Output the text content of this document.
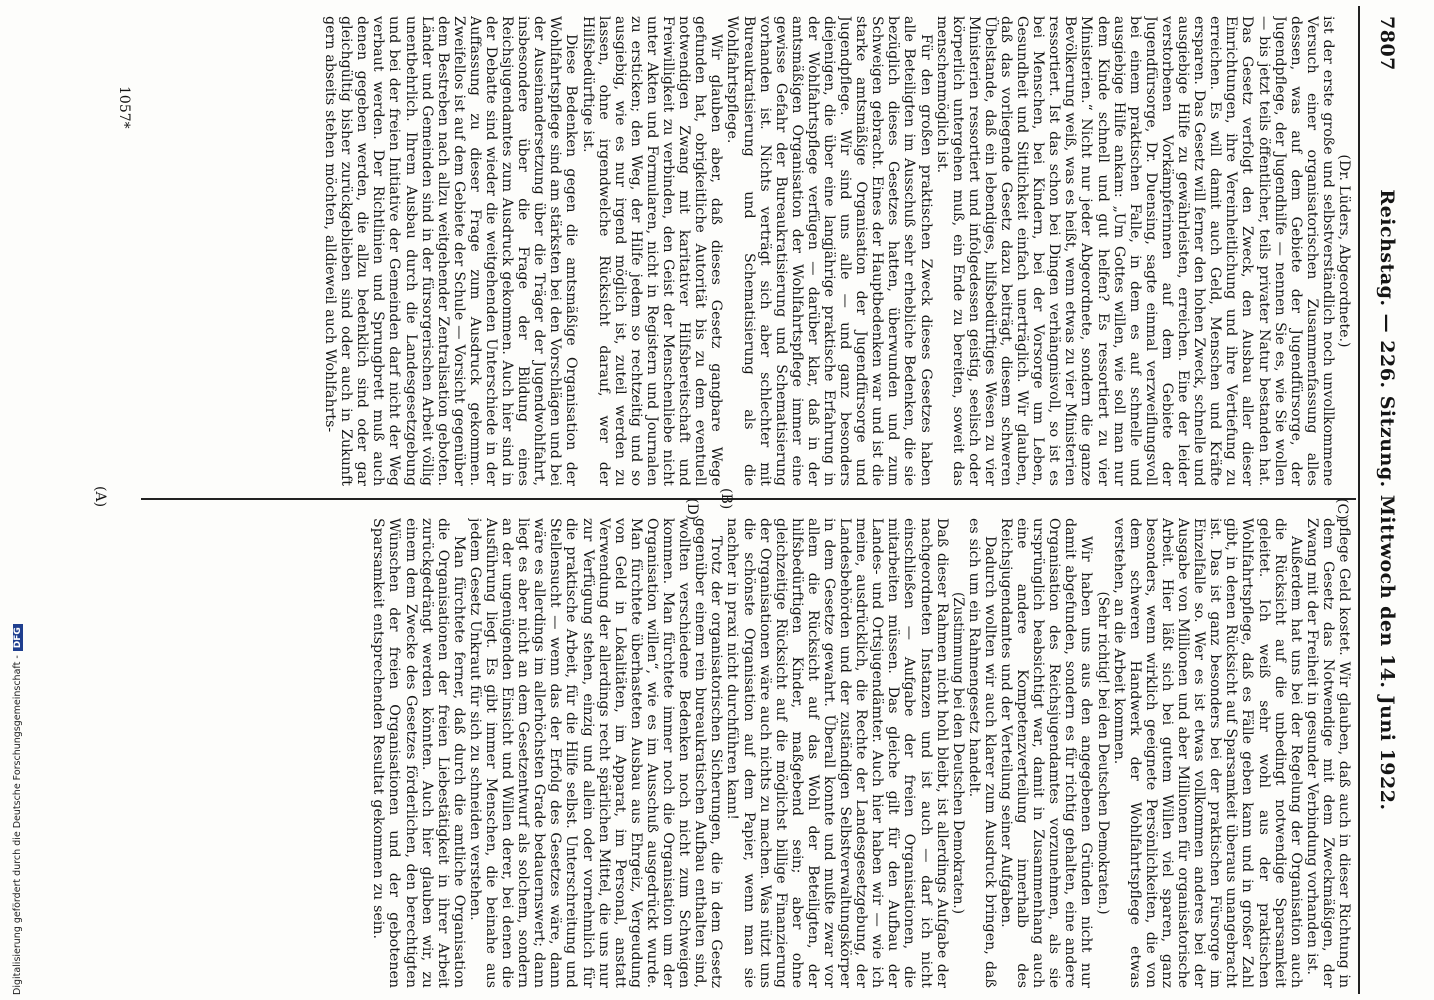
7807
Reichstag. — 226. Sitzung. Mittwoch den 14. Juni 1922.
(C)
(D)
(A)	(B)

(Dr. Lüders, Abgeordnete.)

ist der erste große und selbstverständlich noch unvollkommene Versuch einer organisatorischen Zusammenfassung alles dessen, was auf dem Gebiete der Jugendfürsorge, der Jugendpflege, der Jugendhilfe — nennen Sie es, wie Sie wollen — bis jetzt teils öffentlicher, teils privater Natur bestanden hat. Das Gesetz verfolgt den Zweck, den Ausbau aller dieser Einrichtungen, ihre Vereinheitlichung und ihre Vertiefung zu erreichen. Es will damit auch Geld, Menschen und Kräfte ersparen. Das Gesetz will ferner den hohen Zweck, schnelle und ausgiebige Hilfe zu gewährleisten, erreichen. Eine der leider verstorbenen Vorkämpferinnen auf dem Gebiete der Jugendfürsorge, Dr. Duensing, sagte einmal verzweiflungsvoll bei einem praktischen Falle, in dem es auf schnelle und ausgiebige Hilfe ankam: „Um Gottes willen, wie soll man nur dem Kinde schnell und gut helfen? Es ressortiert zu vier Ministerien.“ Nicht nur jeder Abgeordnete, sondern die ganze Bevölkerung weiß, was es heißt, wenn etwas zu vier Ministerien ressortiert. Ist das schon bei Dingen verhängnisvoll, so ist es bei Menschen, bei Kindern, bei der Vorsorge um Leben, Gesundheit und Sittlichkeit einfach unerträglich. Wir glauben, daß das vorliegende Gesetz dazu beiträgt, diesem schweren Übelstande, daß ein lebendiges, hilfsbedürftiges Wesen zu vier Ministerien ressortiert und infolgedessen geistig, seelisch oder körperlich untergehen muß, ein Ende zu bereiten, soweit das menschenmöglich ist.

Für den großen praktischen Zweck dieses Gesetzes haben alle Beteiligten im Ausschuß sehr erhebliche Bedenken, die sie bezüglich dieses Gesetzes hatten, überwunden und zum Schweigen gebracht. Eines der Hauptbedenken war und ist die starke amtsmäßige Organisation der Jugendfürsorge und Jugendpflege. Wir sind uns alle — und ganz besonders diejenigen, die über eine langjährige praktische Erfahrung in der Wohlfahrtspflege verfügen — darüber klar, daß in der amtsmäßigen Organisation der Wohlfahrtspflege immer eine gewisse Gefahr der Bureaukratisierung und Schematisierung vorhanden ist. Nichts verträgt sich aber schlechter mit Bureaukratisierung und Schematisierung als die Wohlfahrtspflege.

Wir glauben aber, daß dieses Gesetz gangbare Wege gefunden hat, obrigkeitliche Autorität bis zu dem eventuell notwendigen Zwang mit karitativer Hilfsbereitschaft und Freiwilligkeit zu verbinden, den Geist der Menschenliebe nicht unter Akten und Formularen, nicht in Registern und Journalen zu ersticken; den Weg, der Hilfe jedem so rechtzeitig und so ausgiebig, wie es nur irgend möglich ist, zuteil werden zu lassen, ohne irgendwelche Rücksicht darauf, wer der Hilfsbedürftige ist.

Diese Bedenken gegen die amtsmäßige Organisation der Wohlfahrtspflege sind am stärksten bei den Vorschlägen und bei der Auseinandersetzung über die Träger der Jugendwohlfahrt, insbesondere über die Frage der Bildung eines Reichsjugendamtes zum Ausdruck gekommen. Auch hier sind in der Debatte sind wieder die weitgehenden Unterschiede in der Auffassung zu dieser Frage zum Ausdruck gekommen. Zweifellos ist auf dem Gebiete der Schule — Vorsicht gegenüber dem Bestreben nach allzu weitgehender Zentralisation geboten. Länder und Gemeinden sind in der fürsorgerischen Arbeit völlig unentbehrlich. Ihrem Ausbau durch die Landesgesetzgebung und bei der freien Initiative der Gemeinden darf nicht der Weg verbaut werden. Der Richtlinien und Sprungbrett muß auch denen gegeben werden, die allzu bedenklich sind oder gar gleichgültig bisher zurückgeblieben sind oder auch in Zukunft gern abseits stehen möchten, alldieweil auch Wohlfahrts-

pflege Geld kostet. Wir glauben, daß auch in dieser Richtung in dem Gesetz das Notwendige mit dem Zweckmäßigen, der Zwang mit der Freiheit in gesunder Verbindung vorhanden ist.

Außerdem hat uns bei der Regelung der Organisation auch die Rücksicht auf die unbedingt notwendige Sparsamkeit geleitet. Ich weiß sehr wohl aus der praktischen Wohlfahrtspflege, daß es Fälle geben kann und in großer Zahl gibt, in denen Rücksicht auf Sparsamkeit überaus unangebracht ist. Das ist ganz besonders bei der praktischen Fürsorge im Einzelfalle so. Wer es ist etwas vollkommen anderes bei der Ausgabe von Millionen und aber Millionen für organisatorische Arbeit. Hier läßt sich bei gutem Willen viel sparen, ganz besonders, wenn wirklich geeignete Persönlichkeiten, die von dem schweren Handwerk der Wohlfahrtspflege etwas verstehen, an die Arbeit kommen.

(Sehr richtig! bei den Deutschen Demokraten.)

Wir haben uns aus den angegebenen Gründen nicht nur damit abgefunden, sondern es für richtig gehalten, eine andere Organisation des Reichsjugendamtes vorzunehmen, als sie ursprünglich beabsichtigt war, damit in Zusammenhang auch eine andere Kompetenzverteilung innerhalb des Reichsjugendamtes und der Verteilung seiner Aufgaben.

Dadurch wollten wir auch klarer zum Ausdruck bringen, daß es sich um ein Rahmengesetz handelt.

(Zustimmung bei den Deutschen Demokraten.)

Daß dieser Rahmen nicht hohl bleibt, ist allerdings Aufgabe der nachgeordneten Instanzen und ist auch — darf ich nicht einschließen — Aufgabe der freien Organisationen, die mitarbeiten müssen. Das gleiche gilt für den Aufbau der Landes- und Ortsjugendämter. Auch hier haben wir — wie ich meine, ausdrücklich, die Rechte der Landesgesetzgebung, der Landesbehörden und der zuständigen Selbstverwaltungskörper in dem Gesetze gewahrt. Überall konnte und mußte zwar vor allem die Rücksicht auf das Wohl der Beteiligten, der hilfsbedürftigen Kinder, maßgebend sein; aber ohne gleichzeitige Rücksicht auf die möglichst billige Finanzierung der Organisationen wäre auch nichts zu machen. Was nützt uns die schönste Organisation auf dem Papier, wenn man sie nachher in praxi nicht durchführen kann!

Trotz der organisatorischen Sicherungen, die in dem Gesetz gegenüber einem rein bureaukratischen Aufbau enthalten sind, wollten verschiedene Bedenken noch nicht zum Schweigen kommen. Man fürchtete immer noch die Organisation um der Organisation willen“, wie es im Ausschuß ausgedrückt wurde. Man fürchtete überhasteten Ausbau aus Ehrgeiz, Vergeudung von Geld in Lokalitäten, im Apparat, im Personal, anstatt Verwendung der allerdings recht spärlichen Mittel, die uns nur zur Verfügung stehen, einzig und allein oder vornehmlich für die praktische Arbeit, für die Hilfe selbst. Unterschreitung und Stellensucht — wenn das der Erfolg des Gesetzes wäre, dann wäre es allerdings im allerhöchsten Grade bedauernswert; dann liegt es aber nicht an dem Gesetzentwurf als solchem, sondern an der ungenügenden Einsicht und Willen derer, bei denen die Ausführung liegt. Es gibt immer Menschen, die beinahe aus jedem Gesetz Unkraut für sich zu schneiden verstehen.

Man fürchtete ferner, daß durch die amtliche Organisation die Organisationen der freien Liebestätigkeit in ihrer Arbeit zurückgedrängt werden könnten. Auch hier glauben wir, zu einem dem Zwecke des Gesetzes förderlichen, den berechtigten Wünschen der freien Organisationen und der gebotenen Sparsamkeit entsprechenden Resultat gekommen zu sein.

1057*
Digitalisierung gefördert durch die Deutsche Forschungsgemeinschaft -DFG
